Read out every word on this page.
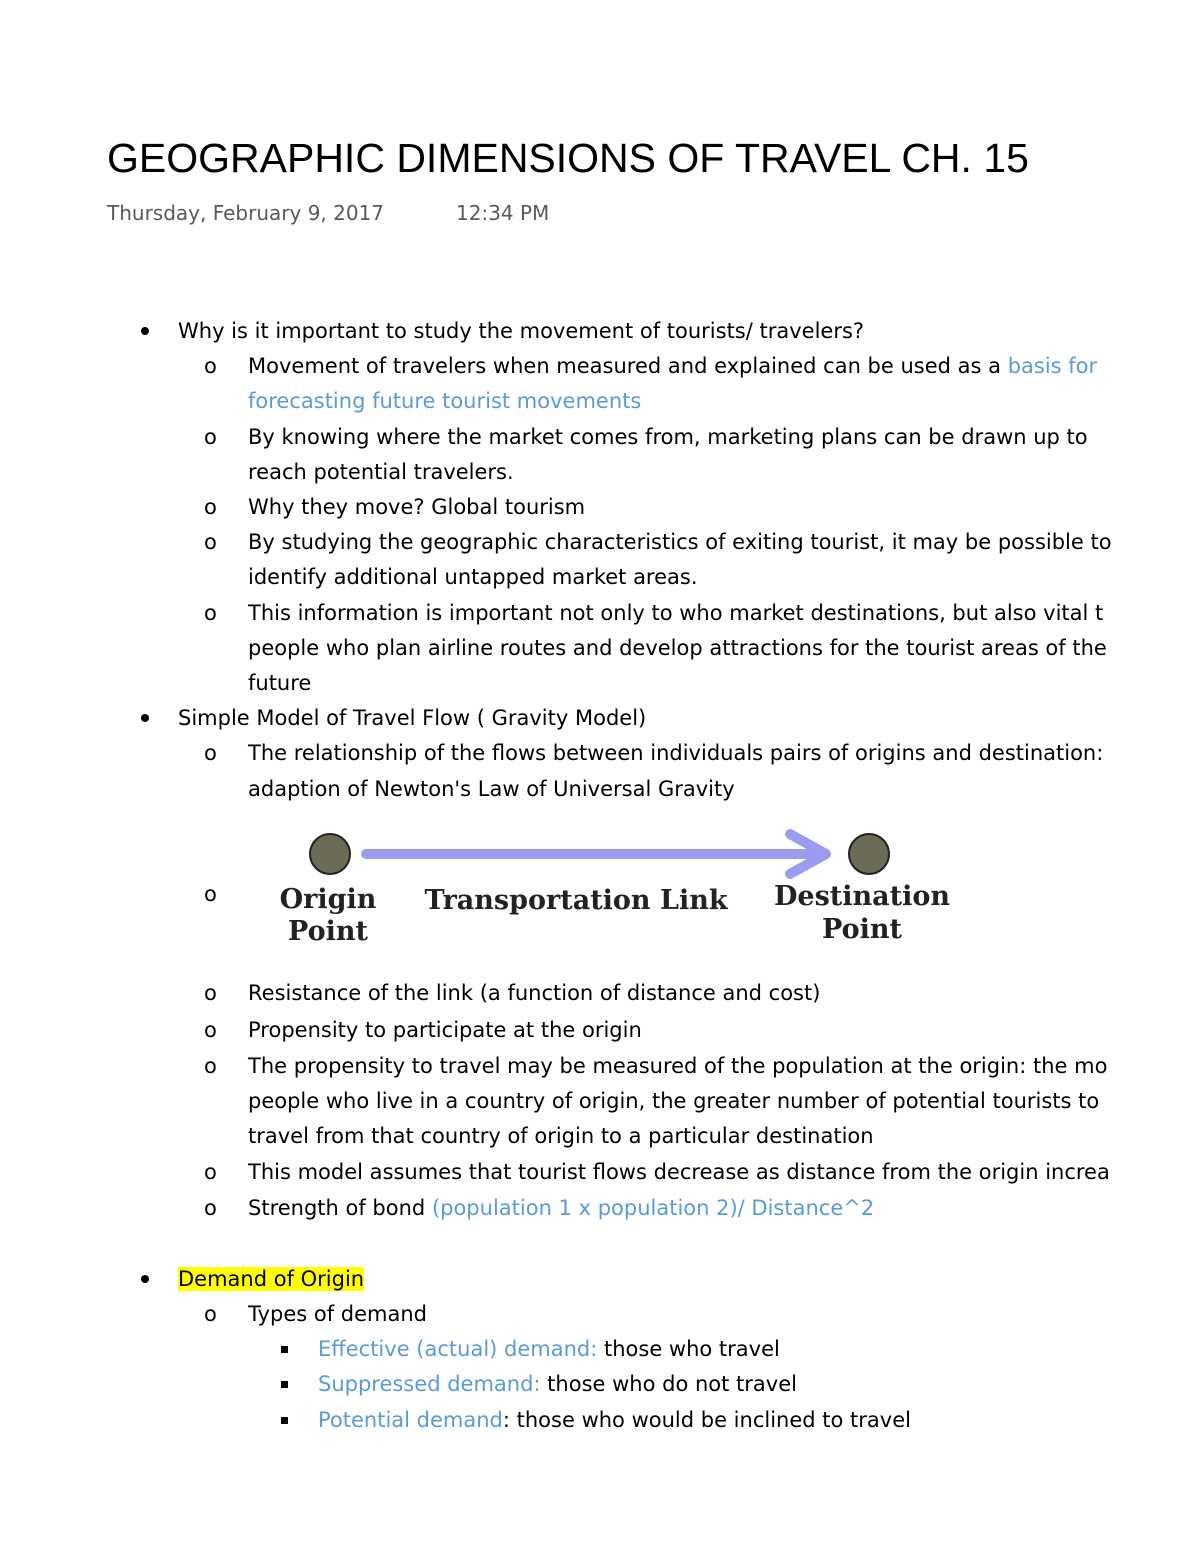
GEOGRAPHIC DIMENSIONS OF TRAVEL CH. 15
Thursday, February 9, 2017	12:34 PM
Why is it important to study the movement of tourists/ travelers?
o Movement of travelers when measured and explained can be used as a basis for
forecasting future tourist movements
o By knowing where the market comes from, marketing plans can be drawn up to
reach potential travelers.
o Why they move? Global tourism
o By studying the geographic characteristics of exiting tourist, it may be possible to
identify additional untapped market areas.
o This information is important not only to who market destinations, but also vital t
people who plan airline routes and develop attractions for the tourist areas of the
future
Simple Model of Travel Flow ( Gravity Model)
o The relationship of the flows between individuals pairs of origins and destination:
adaption of Newton's Law of Universal Gravity
o
o Resistance of the link (a function of distance and cost)
o Propensity to participate at the origin
o The propensity to travel may be measured of the population at the origin: the mo
people who live in a country of origin, the greater number of potential tourists to
travel from that country of origin to a particular destination
o This model assumes that tourist flows decrease as distance from the origin increa
o Strength of bond (population 1 x population 2)/ Distance^2
Demand of Origin
o Types of demand
Effective (actual) demand: those who travel
Suppressed demand: those who do not travel
Potential demand: those who would be inclined to travel
Origin
Point
Transportation Link Destination
Point
